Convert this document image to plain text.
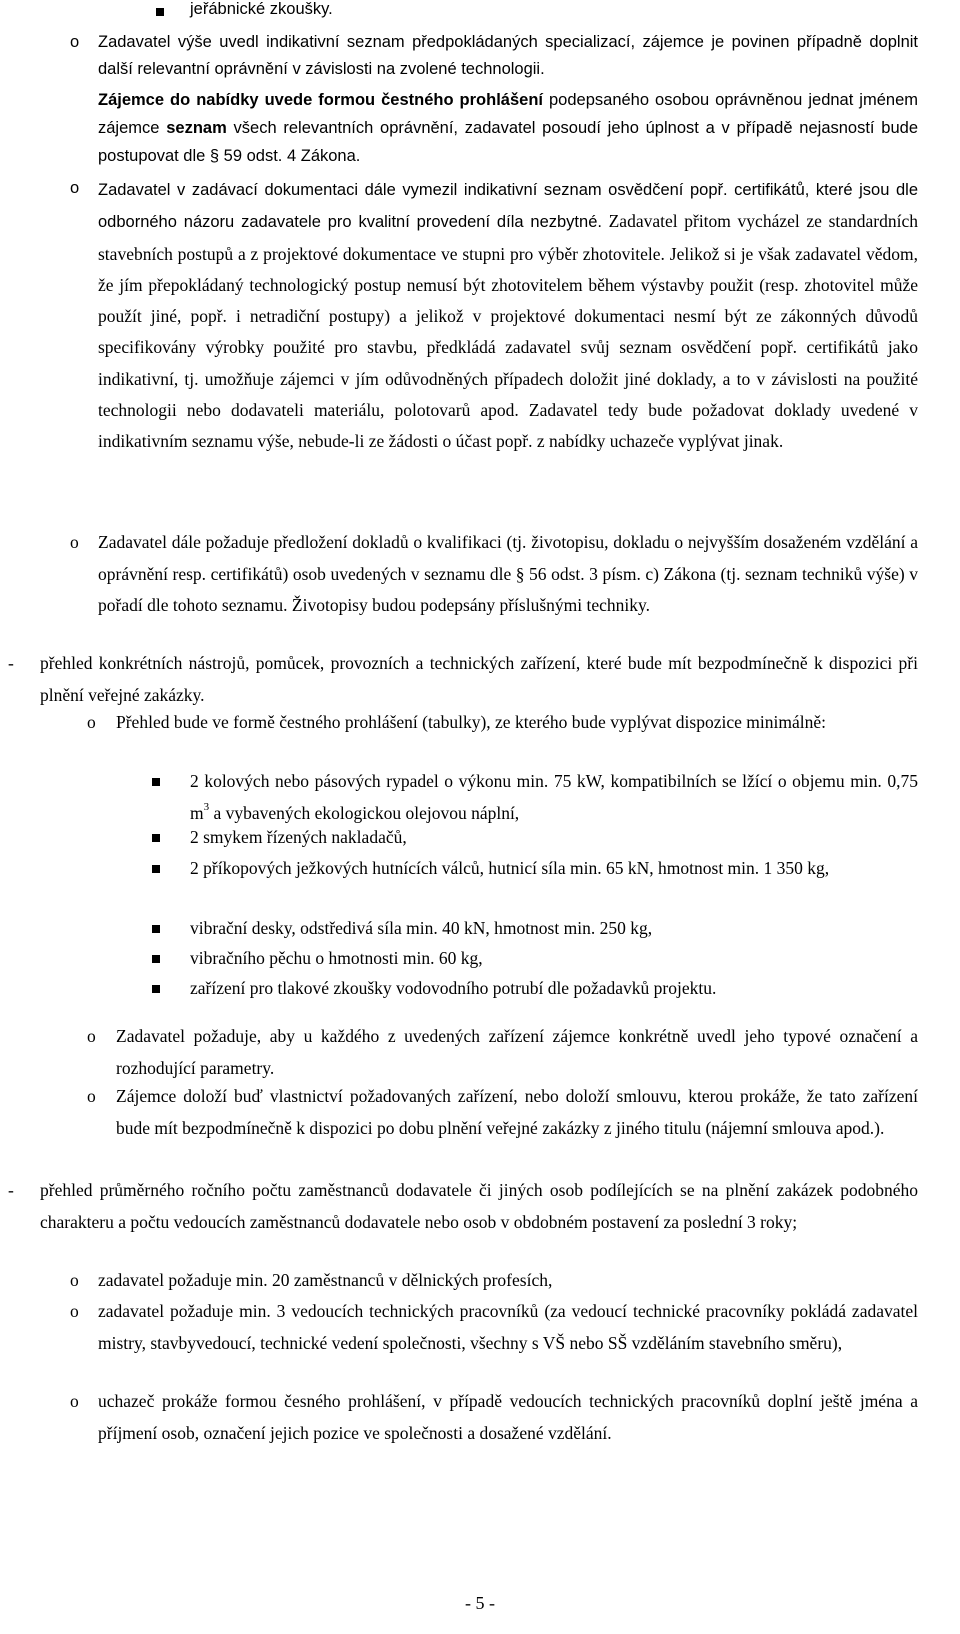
jeřábnické zkoušky.
o Zadavatel výše uvedl indikativní seznam předpokládaných specializací, zájemce je povinen případně doplnit další relevantní oprávnění v závislosti na zvolené technologii.
Zájemce do nabídky uvede formou čestného prohlášení podepsaného osobou oprávněnou jednat jménem zájemce seznam všech relevantních oprávnění, zadavatel posoudí jeho úplnost a v případě nejasností bude postupovat dle § 59 odst. 4 Zákona.
o Zadavatel v zadávací dokumentaci dále vymezil indikativní seznam osvědčení popř. certifikátů, které jsou dle odborného názoru zadavatele pro kvalitní provedení díla nezbytné. Zadavatel přitom vycházel ze standardních stavebních postupů a z projektové dokumentace ve stupni pro výběr zhotovitele. Jelikož si je však zadavatel vědom, že jím přepokládaný technologický postup nemusí být zhotovitelem během výstavby použit (resp. zhotovitel může použít jiné, popř. i netradiční postupy) a jelikož v projektové dokumentaci nesmí být ze zákonných důvodů specifikovány výrobky použité pro stavbu, předkládá zadavatel svůj seznam osvědčení popř. certifikátů jako indikativní, tj. umožňuje zájemci v jím odůvodněných případech doložit jiné doklady, a to v závislosti na použité technologii nebo dodavateli materiálu, polotovarů apod. Zadavatel tedy bude požadovat doklady uvedené v indikativním seznamu výše, nebude-li ze žádosti o účast popř. z nabídky uchazeče vyplývat jinak.
o Zadavatel dále požaduje předložení dokladů o kvalifikaci (tj. životopisu, dokladu o nejvyšším dosaženém vzdělání a oprávnění resp. certifikátů) osob uvedených v seznamu dle § 56 odst. 3 písm. c) Zákona (tj. seznam techniků výše) v pořadí dle tohoto seznamu. Životopisy budou podepsány příslušnými techniky.
- přehled konkrétních nástrojů, pomůcek, provozních a technických zařízení, které bude mít bezpodmínečně k dispozici při plnění veřejné zakázky.
o Přehled bude ve formě čestného prohlášení (tabulky), ze kterého bude vyplývat dispozice minimálně:
2 kolových nebo pásových rypadel o výkonu min. 75 kW, kompatibilních se lžící o objemu min. 0,75 $m^3$ a vybavených ekologickou olejovou náplní,
2 smykem řízených nakladačů,
2 příkopových ježkových hutnících válců, hutnicí síla min. 65 kN, hmotnost min. 1 350 kg,
vibrační desky, odstředivá síla min. 40 kN, hmotnost min. 250 kg,
vibračního pěchu o hmotnosti min. 60 kg,
zařízení pro tlakové zkoušky vodovodního potrubí dle požadavků projektu.
o Zadavatel požaduje, aby u každého z uvedených zařízení zájemce konkrétně uvedl jeho typové označení a rozhodující parametry.
o Zájemce doloží buď vlastnictví požadovaných zařízení, nebo doloží smlouvu, kterou prokáže, že tato zařízení bude mít bezpodmínečně k dispozici po dobu plnění veřejné zakázky z jiného titulu (nájemní smlouva apod.).
- přehled průměrného ročního počtu zaměstnanců dodavatele či jiných osob podílejících se na plnění zakázek podobného charakteru a počtu vedoucích zaměstnanců dodavatele nebo osob v obdobném postavení za poslední 3 roky;
o zadavatel požaduje min. 20 zaměstnanců v dělnických profesích,
o zadavatel požaduje min. 3 vedoucích technických pracovníků (za vedoucí technické pracovníky pokládá zadavatel mistry, stavbyvedoucí, technické vedení společnosti, všechny s VŠ nebo SŠ vzděláním stavebního směru),
o uchazeč prokáže formou česného prohlášení, v případě vedoucích technických pracovníků doplní ještě jména a příjmení osob, označení jejich pozice ve společnosti a dosažené vzdělání.
- 5 -
